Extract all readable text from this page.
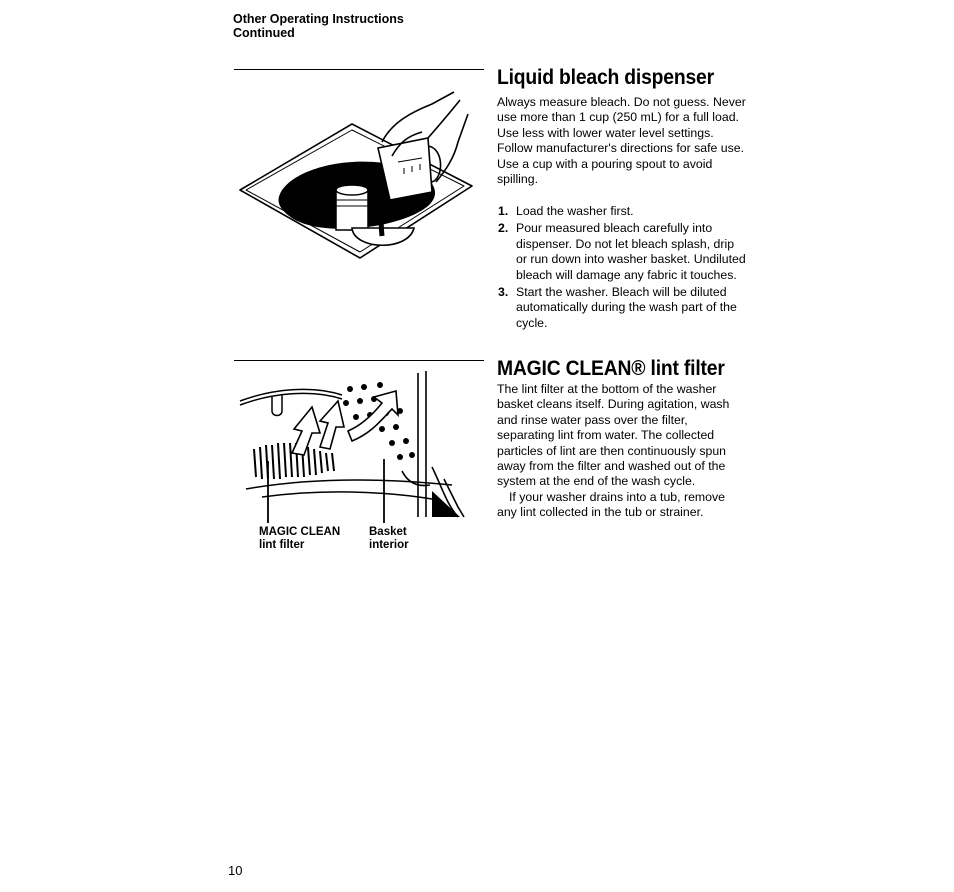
Other Operating Instructions
Continued
MAGIC CLEAN
lint filter
Basket
interior
Liquid bleach dispenser

Always measure bleach. Do not guess. Never use more than 1 cup (250 mL) for a full load. Use less with lower water level settings. Follow manufacturer's directions for safe use. Use a cup with a pouring spout to avoid spilling.

1. Load the washer first.
2. Pour measured bleach carefully into dispenser. Do not let bleach splash, drip or run down into washer basket. Undiluted bleach will damage any fabric it touches.
3. Start the washer. Bleach will be diluted automatically during the wash part of the cycle.
MAGIC CLEAN® lint filter

The lint filter at the bottom of the washer basket cleans itself. During agitation, wash and rinse water pass over the filter, separating lint from water. The collected particles of lint are then continuously spun away from the filter and washed out of the system at the end of the wash cycle.

If your washer drains into a tub, remove any lint collected in the tub or strainer.

10
